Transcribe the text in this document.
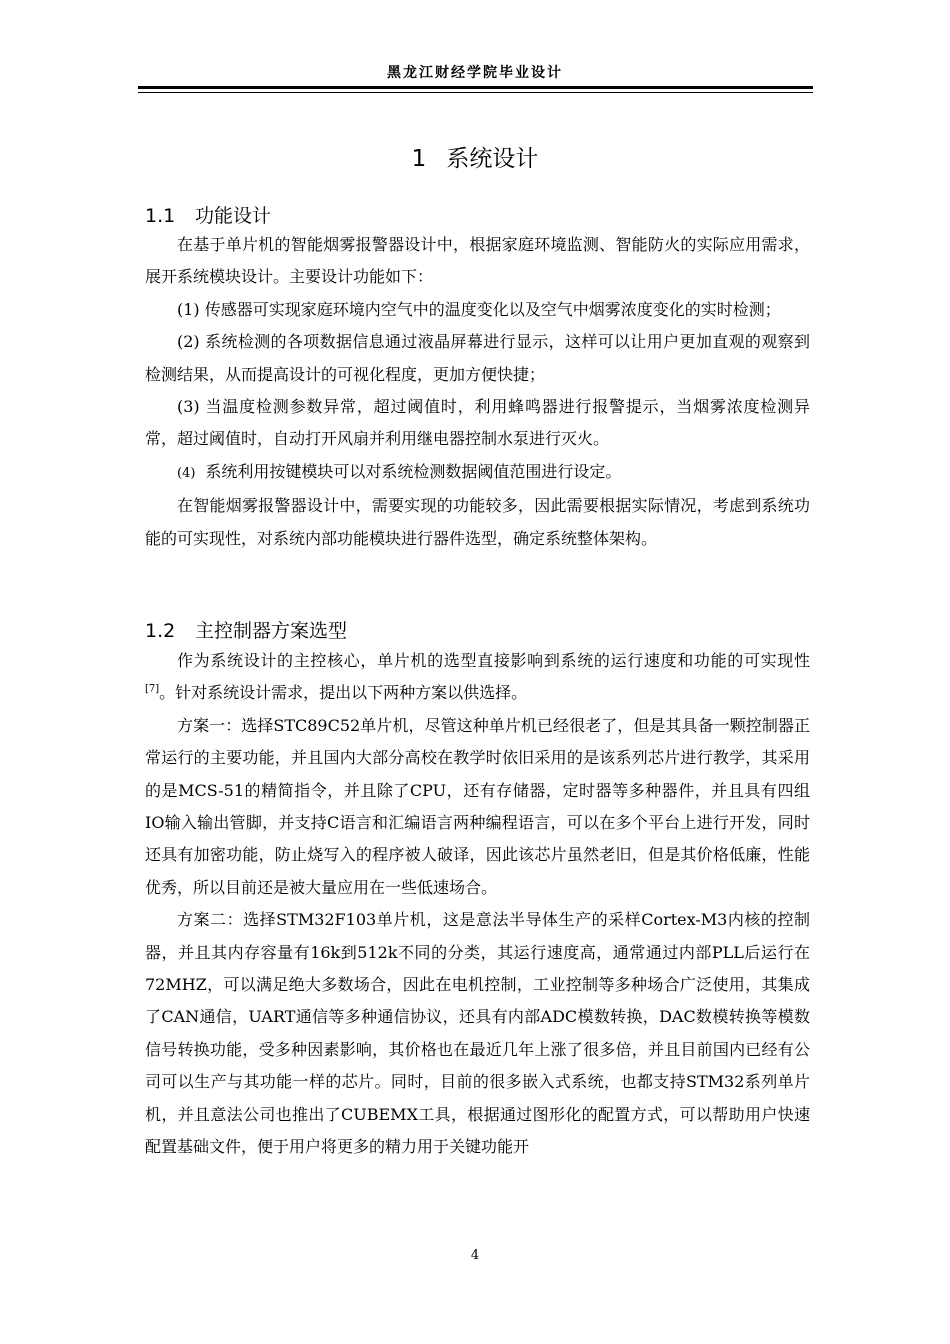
黑龙江财经学院毕业设计
1 系统设计
1.1 功能设计

在基于单片机的智能烟雾报警器设计中，根据家庭环境监测、智能防火的实际应用需求，展开系统模块设计。主要设计功能如下：

(1) 传感器可实现家庭环境内空气中的温度变化以及空气中烟雾浓度变化的实时检测；

(2) 系统检测的各项数据信息通过液晶屏幕进行显示，这样可以让用户更加直观的观察到检测结果，从而提高设计的可视化程度，更加方便快捷；

(3) 当温度检测参数异常，超过阈值时，利用蜂鸣器进行报警提示，当烟雾浓度检测异常，超过阈值时，自动打开风扇并利用继电器控制水泵进行灭火。

(4) 系统利用按键模块可以对系统检测数据阈值范围进行设定。

在智能烟雾报警器设计中，需要实现的功能较多，因此需要根据实际情况，考虑到系统功能的可实现性，对系统内部功能模块进行器件选型，确定系统整体架构。

1.2 主控制器方案选型

作为系统设计的主控核心，单片机的选型直接影响到系统的运行速度和功能的可实现性[7]。针对系统设计需求，提出以下两种方案以供选择。

方案一：选择STC89C52单片机，尽管这种单片机已经很老了，但是其具备一颗控制器正常运行的主要功能，并且国内大部分高校在教学时依旧采用的是该系列芯片进行教学，其采用的是MCS-51的精简指令，并且除了CPU，还有存储器，定时器等多种器件，并且具有四组IO输入输出管脚，并支持C语言和汇编语言两种编程语言，可以在多个平台上进行开发，同时还具有加密功能，防止烧写入的程序被人破译，因此该芯片虽然老旧，但是其价格低廉，性能优秀，所以目前还是被大量应用在一些低速场合。

方案二：选择STM32F103单片机，这是意法半导体生产的采样Cortex-M3内核的控制器，并且其内存容量有16k到512k不同的分类，其运行速度高，通常通过内部PLL后运行在72MHZ，可以满足绝大多数场合，因此在电机控制，工业控制等多种场合广泛使用，其集成了CAN通信，UART通信等多种通信协议，还具有内部ADC模数转换，DAC数模转换等模数信号转换功能，受多种因素影响，其价格也在最近几年上涨了很多倍，并且目前国内已经有公司可以生产与其功能一样的芯片。同时，目前的很多嵌入式系统，也都支持STM32系列单片机，并且意法公司也推出了CUBEMX工具，根据通过图形化的配置方式，可以帮助用户快速配置基础文件，便于用户将更多的精力用于关键功能开

4
